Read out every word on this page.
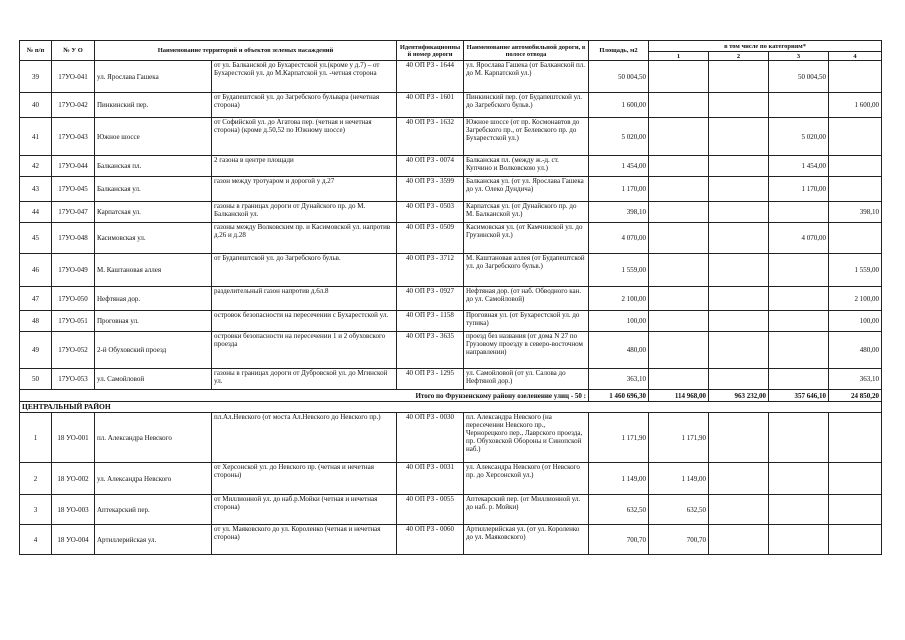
№ п/п	№ У О	Наименование территорий и объектов зеленых насаждений		Идентификационный номер дороги	Наименование автомобильной дороги, в полосе отвода	Площадь, м2	в том числе по категориям*			
							1	2	3	4
39	17УО-041	ул. Ярослава Гашека	от ул. Балканской до Бухарестской ул.(кроме у д.7) – от Бухарестской ул. до М.Карпатской ул. -четная сторона	40 ОП РЗ - 1644	ул. Ярослава Гашека (от Балканской пл. до М. Карпатской ул.)	50 004,50			50 004,50	
40	17УО-042	Пинкинский пер.	от Будапештской ул. до Загребского бульвара (нечетная сторона)	40 ОП РЗ - 1601	Пинкинский пер. (от Будапештской ул. до Загребского бульв.)	1 600,00				1 600,00
41	17УО-043	Южное шоссе	от Софийской ул. до Агатова пер. (четная и нечетная сторона) (кроме д.50,52 по Южному шоссе)	40 ОП РЗ - 1632	Южное шоссе (от пр. Космонавтов до Загребского пр., от Белевского пр. до Бухарестской ул.)	5 020,00			5 020,00	
42	17УО-044	Балканская пл.	2 газона в центре площади	40 ОП РЗ - 0074	Балканская пл. (между ж.-д. ст. Купчино и Волковскою ул.)	1 454,00			1 454,00	
43	17УО-045	Балканская ул.	газон между тротуаром и дорогой у д.27	40 ОП РЗ - 3599	Балканская ул. (от ул. Ярослава Гашека до ул. Олеко Дундича)	1 170,00			1 170,00	
44	17УО-047	Карпатская ул.	газоны в границах дороги от Дунайского пр. до М. Балканской ул.	40 ОП РЗ - 0503	Карпатская ул. (от Дунайского пр. до М. Балканской ул.)	398,10				398,10
45	17УО-048	Касимовская ул.	газоны между Волковским пр. и Касимовской ул. напротив д.26 и д.28	40 ОП РЗ - 0509	Касимовская ул. (от Камчинской ул. до Грузинской ул.)	4 070,00			4 070,00	
46	17УО-049	М. Каштановая аллея	от Будапештской ул. до Загребского бульв.	40 ОП РЗ - 3712	М. Каштановая аллея (от Будапештской ул. до Загребского бульв.)	1 559,00				1 559,00
47	17УО-050	Нефтяная дор.	разделительный газон напротив д.6л.8	40 ОП РЗ - 0927	Нефтяная дор. (от наб. Обводного кан. до ул. Самойловой)	2 100,00				2 100,00
48	17УО-051	Проговная ул.	островок безопасности на пересечении с Бухарестской ул.	40 ОП РЗ - 1158	Проговная ул. (от Бухарестской ул. до тупика)	100,00				100,00
49	17УО-052	2-й Обуховский проезд	островки безопасности на пересечении 1 и 2 обуховского проезда	40 ОП РЗ - 3635	проезд без названия (от дома N 27 по Грузовому проезду в северо-восточном направлении)	480,00				480,00
50	17УО-053	ул. Самойловой	газоны в границах дороги от Дубровской ул. до Мгинской ул.	40 ОП РЗ - 1295	ул. Самойловой (от ул. Салова до Нефтяной дор.)	363,10				363,10
Итого по Фрунзенскому району озеленение улиц - 50 :						1 460 696,30	114 968,00	963 232,00	357 646,10	24 850,20
ЦЕНТРАЛЬНЫЙ РАЙОН										
1	18 УО-001	пл. Александра Невского	пл.Ал.Невского (от моста Ал.Невского до Невского пр.)	40 ОП РЗ - 0030	пл. Александра Невского (на пересечении Невского пр., Чернорецкого пер., Лаврского проезда, пр. Обуховской Обороны и Синопской наб.)	1 171,90	1 171,90			
2	18 УО-002	ул. Александра Невского	от Херсонской ул. до Невского пр. (четная и нечетная стороны)	40 ОП РЗ - 0031	ул. Александра Невского (от Невского пр. до Херсонской ул.)	1 149,00	1 149,00			
3	18 УО-003	Аптекарский пер.	от Миллионной ул. до наб.р.Мойки (четная и нечетная сторона)	40 ОП РЗ - 0055	Аптекарский пер. (от Миллионной ул. до наб. р. Мойки)	632,50	632,50			
4	18 УО-004	Артиллерийская ул.	от ул. Маяковского до ул. Короленко (четная и нечетная сторона)	40 ОП РЗ - 0060	Артиллерийская ул. (от ул. Короленко до ул. Маяковского)	700,70	700,70			
